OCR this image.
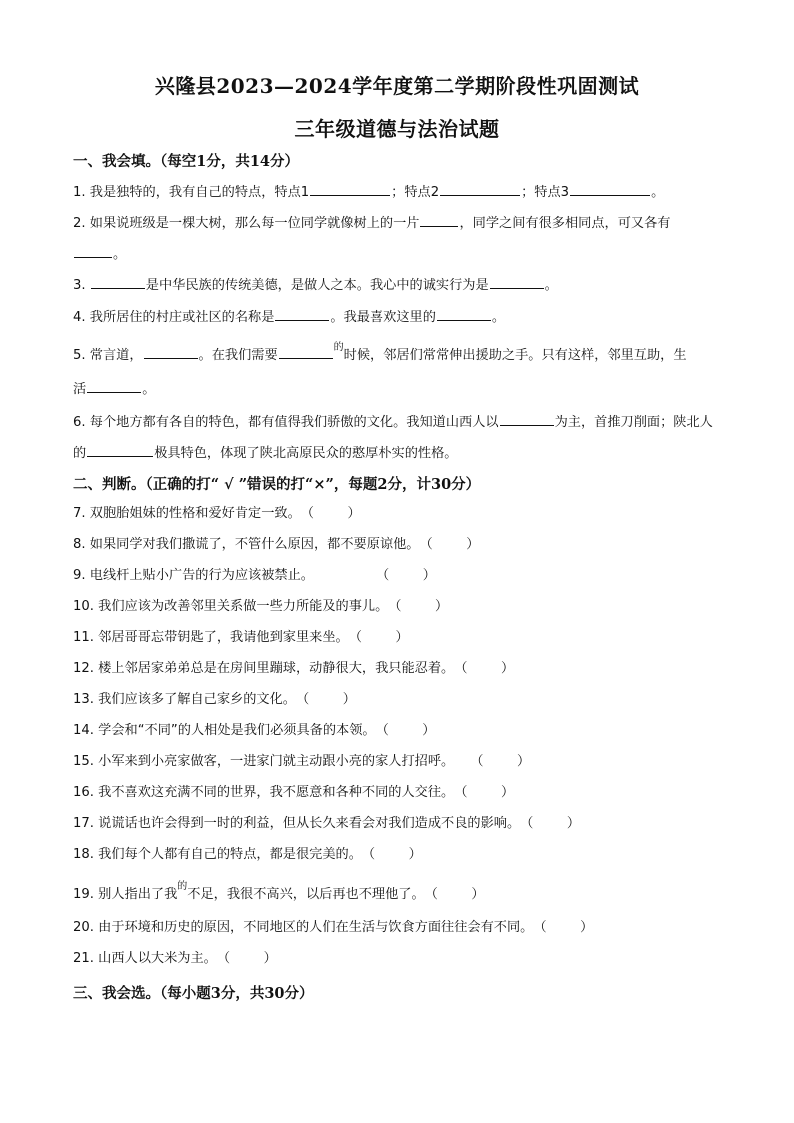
兴隆县2023—2024学年度第二学期阶段性巩固测试
三年级道德与法治试题
一、我会填。（每空1分，共14分）
1. 我是独特的，我有自己的特点，特点1	；特点2	；特点3	。
2. 如果说班级是一棵大树，那么每一位同学就像树上的一片	，同学之间有很多相同点，可又各有
。
3.	是中华民族的传统美德，是做人之本。我心中的诚实行为是	。
4. 我所居住的村庄或社区的名称是	。我最喜欢这里的	。
5. 常言道，	。在我们需要$^的$时候，邻居们常常伸出援助之手。只有这样，邻里互助，生
活	。
6. 每个地方都有各自的特色，都有值得我们骄傲的文化。我知道山西人以	为主，首推刀削面；陕北人
的	极具特色，体现了陕北高原民众的憨厚朴实的性格。
二、判断。（正确的打“ √ ”错误的打“×”，每题2分，计30分）
7. 双胞胎姐妹的性格和爱好肯定一致。（        ）
8. 如果同学对我们撒谎了，不管什么原因，都不要原谅他。（        ）
9. 电线杆上贴小广告的行为应该被禁止。	（        ）
10. 我们应该为改善邻里关系做一些力所能及的事儿。（        ）
11. 邻居哥哥忘带钥匙了，我请他到家里来坐。（        ）
12. 楼上邻居家弟弟总是在房间里蹦球，动静很大，我只能忍着。（        ）
13. 我们应该多了解自己家乡的文化。（        ）
14. 学会和“不同”的人相处是我们必须具备的本领。（        ）
15. 小军来到小亮家做客，一进家门就主动跟小亮的家人打招呼。 （        ）
16. 我不喜欢这充满不同的世界，我不愿意和各种不同的人交往。（        ）
17. 说谎话也许会得到一时的利益，但从长久来看会对我们造成不良的影响。（        ）
18. 我们每个人都有自己的特点，都是很完美的。（        ）
19. 别人指出了我$^的$不足，我很不高兴，以后再也不理他了。（        ）
20. 由于环境和历史的原因，不同地区的人们在生活与饮食方面往往会有不同。（        ）
21. 山西人以大米为主。（        ）
三、我会选。（每小题3分，共30分）
